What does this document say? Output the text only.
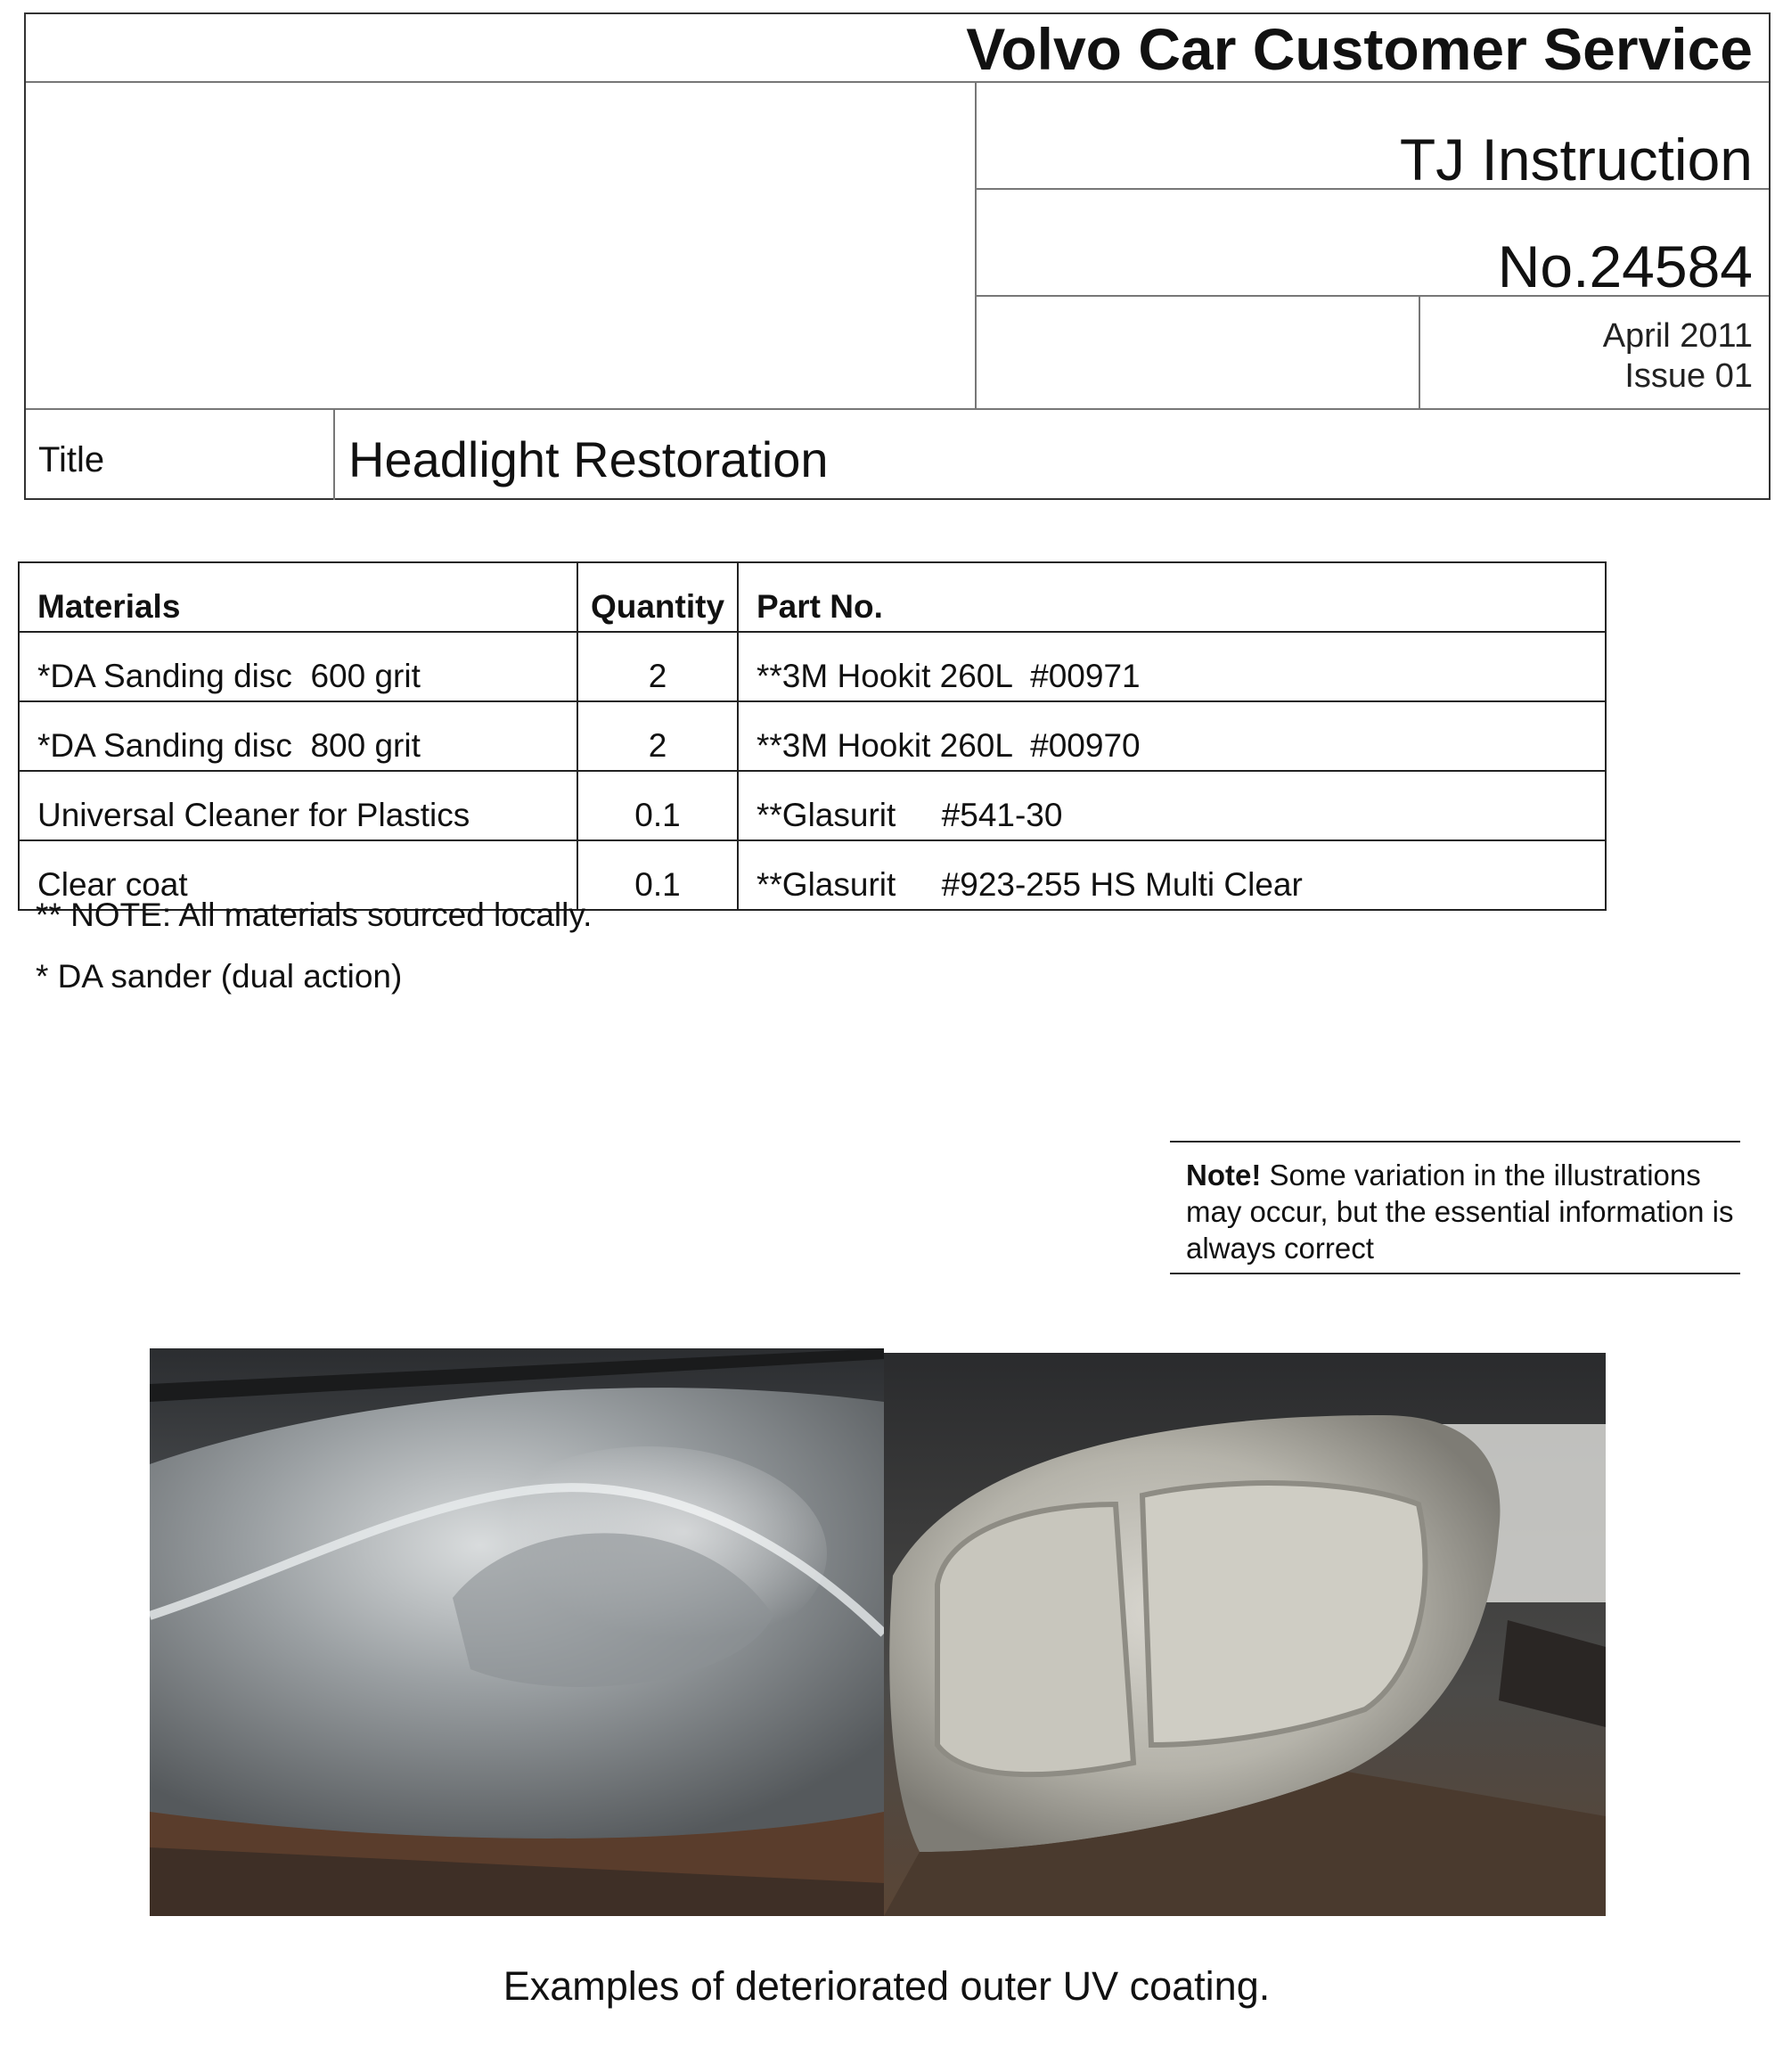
Volvo Car Customer Service
TJ Instruction
No.24584
April 2011
Issue 01
Title	Headlight Restoration
Materials	Quantity	Part No.
*DA Sanding disc  600 grit	2	**3M Hookit 260L  #00971
*DA Sanding disc  800 grit	2	**3M Hookit 260L  #00970
Universal Cleaner for Plastics	0.1	**Glasurit     #541-30
Clear coat	0.1	**Glasurit     #923-255 HS Multi Clear
** NOTE: All materials sourced locally.
* DA sander (dual action)
Note! Some variation in the illustrations may occur, but the essential information is always correct
Examples of deteriorated outer UV coating.
